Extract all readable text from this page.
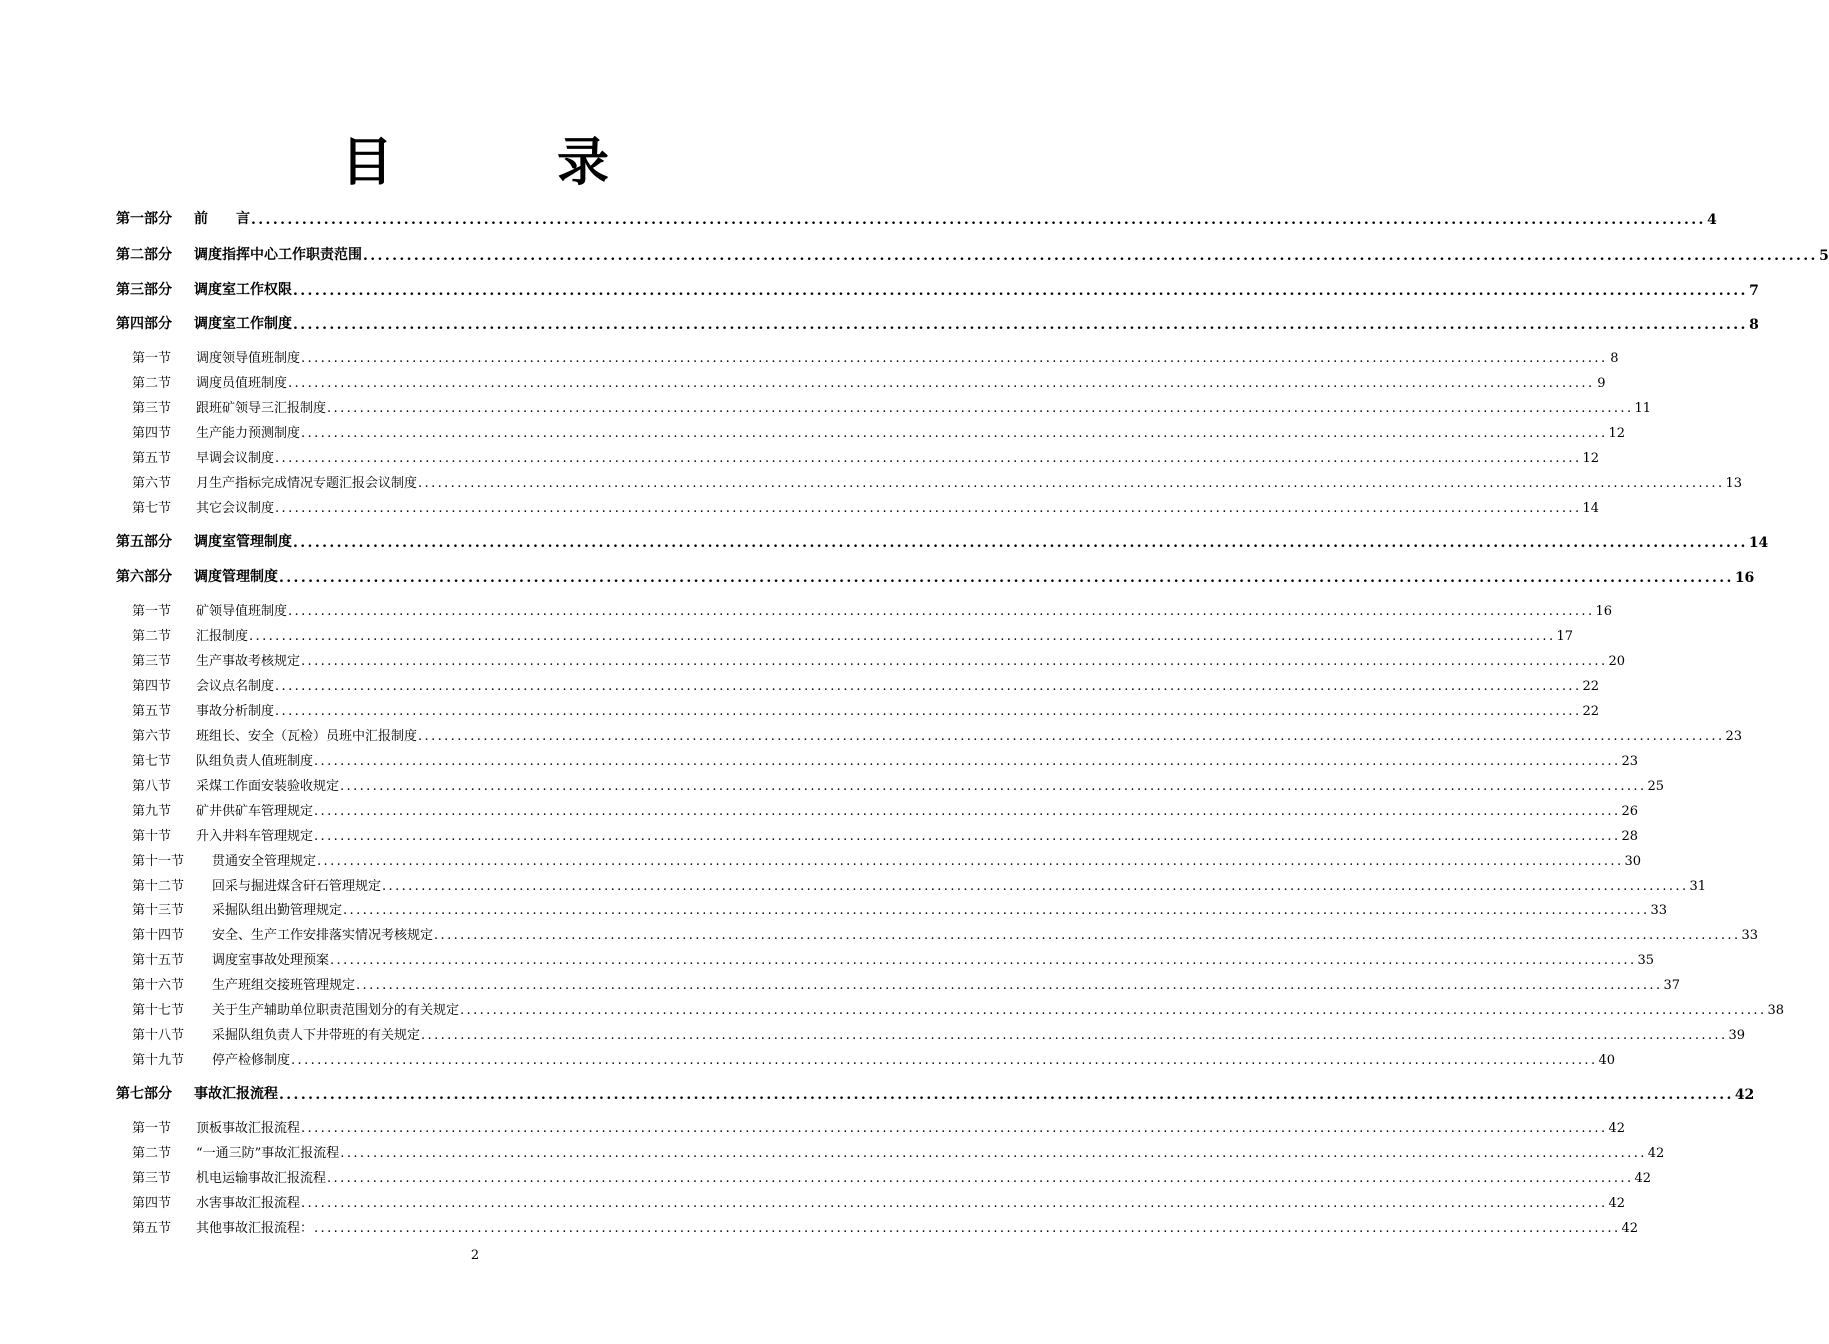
目　录
第一部分	前　　言 ........................................................................................................................................................................................................ 4
第二部分	调度指挥中心工作职责范围 ........................................................................................................................................................................................................ 5
第三部分	调度室工作权限 ........................................................................................................................................................................................................ 7
第四部分	调度室工作制度 ........................................................................................................................................................................................................ 8
第一节	调度领导值班制度 ........................................................................................................................................................................................................ 8
第二节	调度员值班制度 ........................................................................................................................................................................................................ 9
第三节	跟班矿领导三汇报制度 ........................................................................................................................................................................................................ 11
第四节	生产能力预测制度 ........................................................................................................................................................................................................ 12
第五节	早调会议制度 ........................................................................................................................................................................................................ 12
第六节	月生产指标完成情况专题汇报会议制度 ........................................................................................................................................................................................................ 13
第七节	其它会议制度 ........................................................................................................................................................................................................ 14
第五部分	调度室管理制度 ........................................................................................................................................................................................................ 14
第六部分	调度管理制度 ........................................................................................................................................................................................................ 16
第一节	矿领导值班制度 ........................................................................................................................................................................................................ 16
第二节	汇报制度 ........................................................................................................................................................................................................ 17
第三节	生产事故考核规定 ........................................................................................................................................................................................................ 20
第四节	会议点名制度 ........................................................................................................................................................................................................ 22
第五节	事故分析制度 ........................................................................................................................................................................................................ 22
第六节	班组长、安全（瓦检）员班中汇报制度 ........................................................................................................................................................................................................ 23
第七节	队组负责人值班制度 ........................................................................................................................................................................................................ 23
第八节	采煤工作面安装验收规定 ........................................................................................................................................................................................................ 25
第九节	矿井供矿车管理规定 ........................................................................................................................................................................................................ 26
第十节	升入井料车管理规定 ........................................................................................................................................................................................................ 28
第十一节	贯通安全管理规定 ........................................................................................................................................................................................................ 30
第十二节	回采与掘进煤含矸石管理规定 ........................................................................................................................................................................................................ 31
第十三节	采掘队组出勤管理规定 ........................................................................................................................................................................................................ 33
第十四节	安全、生产工作安排落实情况考核规定 ........................................................................................................................................................................................................ 33
第十五节	调度室事故处理预案 ........................................................................................................................................................................................................ 35
第十六节	生产班组交接班管理规定 ........................................................................................................................................................................................................ 37
第十七节	关于生产辅助单位职责范围划分的有关规定 ........................................................................................................................................................................................................ 38
第十八节	采掘队组负责人下井带班的有关规定 ........................................................................................................................................................................................................ 39
第十九节	停产检修制度 ........................................................................................................................................................................................................ 40
第七部分	事故汇报流程 ........................................................................................................................................................................................................ 42
第一节	顶板事故汇报流程 ........................................................................................................................................................................................................ 42
第二节	“一通三防”事故汇报流程 ........................................................................................................................................................................................................ 42
第三节	机电运输事故汇报流程 ........................................................................................................................................................................................................ 42
第四节	水害事故汇报流程 ........................................................................................................................................................................................................ 42
第五节	其他事故汇报流程： ........................................................................................................................................................................................................ 42
2
